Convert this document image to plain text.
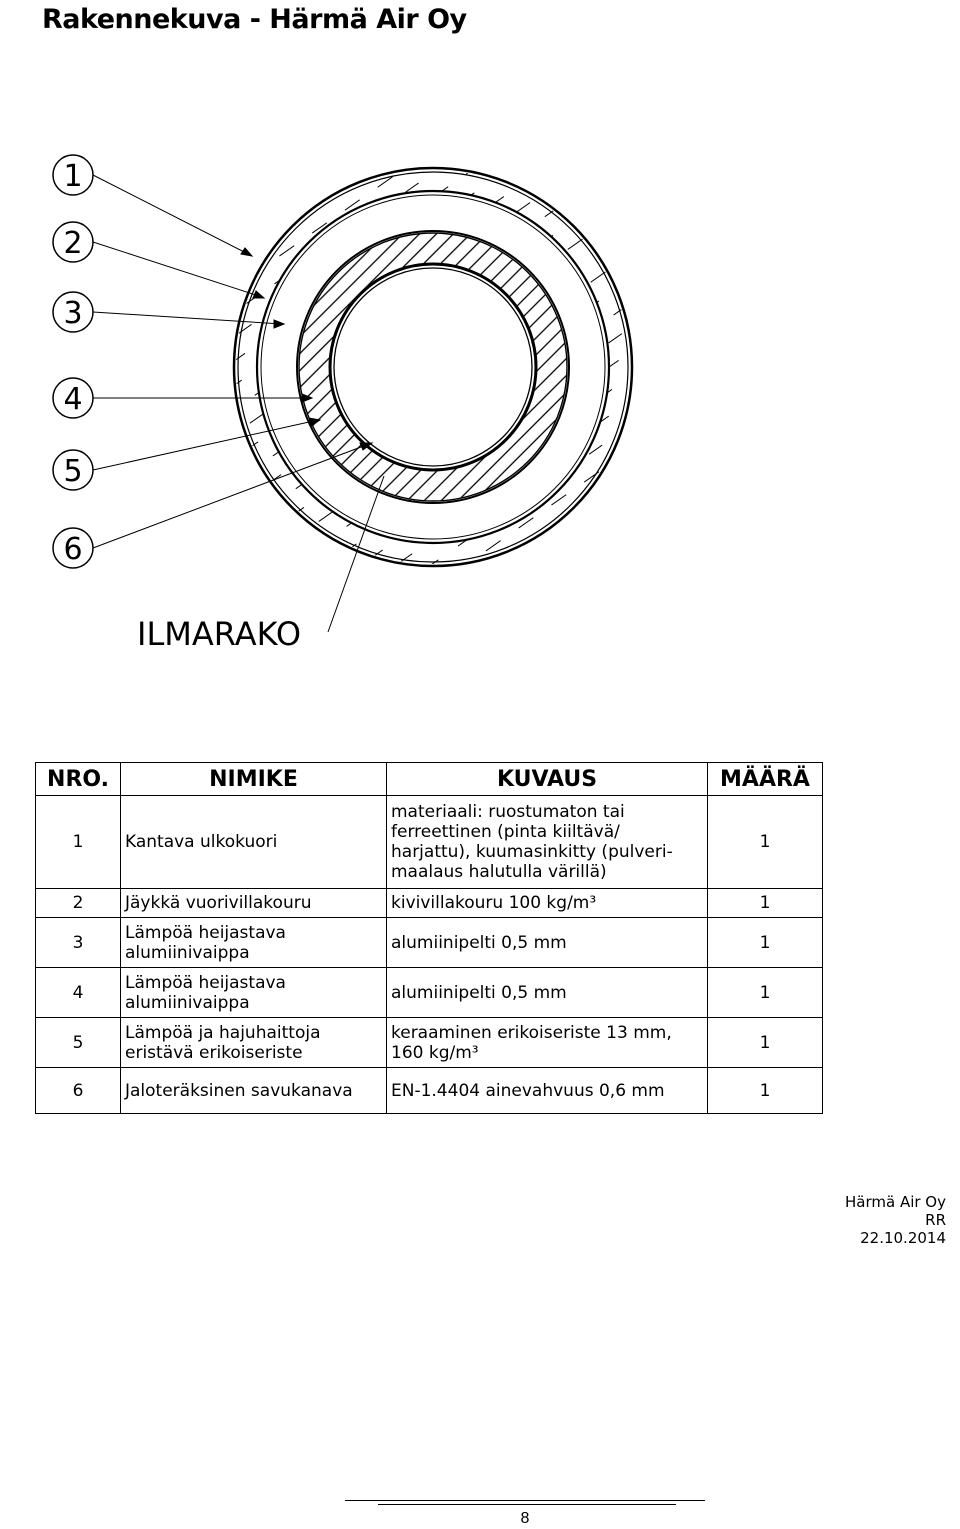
Rakennekuva - Härmä Air Oy
1
2
3
4
5
6
ILMARAKO
NRO.	NIMIKE	KUVAUS	MÄÄRÄ
1	Kantava ulkokuori	materiaali: ruostumaton tai ferreettinen (pinta kiiltävä/ harjattu), kuumasinkitty (pulveri-maalaus halutulla värillä)	1
2	Jäykkä vuorivillakouru	kivivillakouru 100 kg/m³	1
3	Lämpöä heijastava alumiinivaippa	alumiinipelti 0,5 mm	1
4	Lämpöä heijastava alumiinivaippa	alumiinipelti 0,5 mm	1
5	Lämpöä ja hajuhaittoja eristävä erikoiseriste	keraaminen erikoiseriste 13 mm, 160 kg/m³	1
6	Jaloteräksinen savukanava	EN-1.4404 ainevahvuus 0,6 mm	1
Härmä Air Oy
RR
22.10.2014
8
